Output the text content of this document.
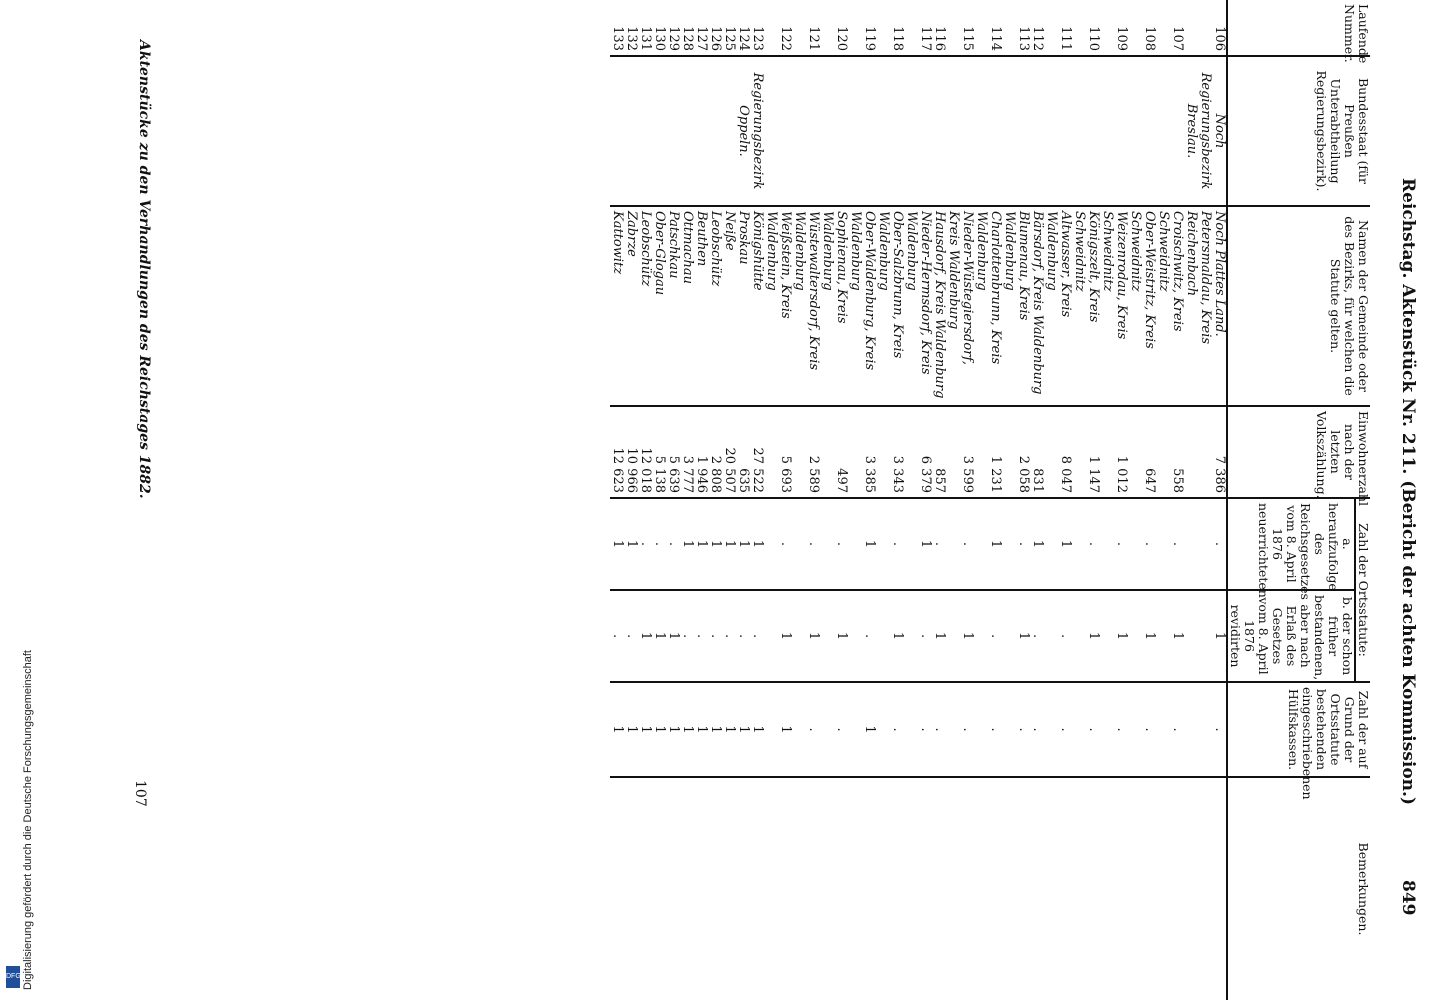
Digitalisierung gefördert durch die Deutsche Forschungsgemeinschaft
DFG
Reichstag. Aktenstück Nr. 211. (Bericht der achten Kommission.)
849
Laufende Nummer.	Bundesstaat (für Preußen Unterabtheilung Regierungsbezirk).	Namen der Gemeinde oder des Bezirks, für welchen die Statute gelten.	Einwohnerzahl nach der letzten Volkszählung.	Zahl der Ortsstatute:		Zahl der auf Grund der Ortsstatute bestehenden eingeschriebenen Hülfskassen.	Bemerkungen.
				a. heraufzufolge des Reichsgesetzes vom 8. April 1876 neuerrichteten	b. der schon früher bestandenen, aber nach Erlaß des Gesetzes vom 8. April 1876 revidirten		
106	Noch Regierungsbezirk Breslau.	Noch Plattes Land. Petersmaldau, Kreis Reichenbach	7 386	.	1	.	
107		Croischwitz, Kreis Schweidnitz	558	.	1	.	
108		Ober-Weistritz, Kreis Schweidnitz	647	.	1	.	
109		Weizenrodau, Kreis Schweidnitz	1 012	.	1	.	
110		Königszelt, Kreis Schweidnitz	1 147	.	1	.	
111		Altwasser, Kreis Waldenburg	8 047	1	.	.	
112		Bärsdorf, Kreis Waldenburg	831	1	.	.	
113		Blumenau, Kreis Waldenburg	2 058	.	1	.	
114		Charlottenbrunn, Kreis Waldenburg	1 231	1	.	.	
115		Nieder-Wüstegiersdorf, Kreis Waldenburg	3 599	.	1	.	
116		Hausdorf, Kreis Waldenburg	857	.	1	.	
117		Nieder-Hermsdorf, Kreis Waldenburg	6 379	1	.	.	
118		Ober-Salzbrunn, Kreis Waldenburg	3 343	.	1	.	
119		Ober-Waldenburg, Kreis Waldenburg	3 385	1	.	1	
120		Sophienau, Kreis Waldenburg	497	.	1	.	
121		Wüstewaltersdorf, Kreis Waldenburg	2 589	.	1	.	
122		Weißstein, Kreis Waldenburg	5 693	.	1	1	
123	Regierungsbezirk Oppeln.	Königshütte	27 522	1	.	1	
124		Proskau	635	1	.	1	
125		Neiße	20 507	1	.	1	
126		Leobschütz	2 808	1	.	1	
127		Beuthen	1 946	1	.	1	
128		Ottmachau	3 777	1	.	1	
129		Patschkau	5 639	.	1	1	
130		Ober-Glogau	5 138	.	1	1	
131		Leobschütz	12 018	.	1	1	
132		Zabrze	10 966	1	.	1	
133		Kattowitz	12 623	1	.	1	
Aktenstücke zu den Verhandlungen des Reichstages 1882.
107
